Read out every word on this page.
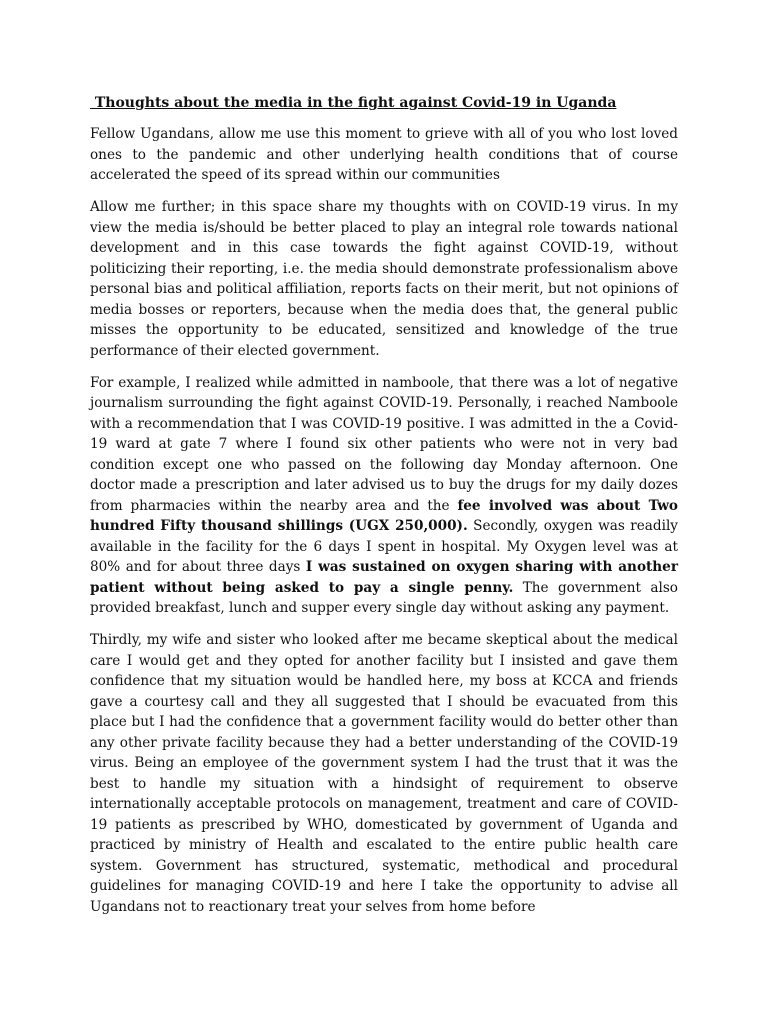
Thoughts about the media in the fight against Covid-19 in Uganda

Fellow Ugandans, allow me use this moment to grieve with all of you who lost loved ones to the pandemic and other underlying health conditions that of course accelerated the speed of its spread within our communities

Allow me further; in this space share my thoughts with on COVID-19 virus. In my view the media is/should be better placed to play an integral role towards national development and in this case towards the fight against COVID-19, without politicizing their reporting, i.e. the media should demonstrate professionalism above personal bias and political affiliation, reports facts on their merit, but not opinions of media bosses or reporters, because when the media does that, the general public misses the opportunity to be educated, sensitized and knowledge of the true performance of their elected government.

For example, I realized while admitted in namboole, that there was a lot of negative journalism surrounding the fight against COVID-19. Personally, i reached Namboole with a recommendation that I was COVID-19 positive. I was admitted in the a Covid-19 ward at gate 7 where I found six other patients who were not in very bad condition except one who passed on the following day Monday afternoon. One doctor made a prescription and later advised us to buy the drugs for my daily dozes from pharmacies within the nearby area and the fee involved was about Two hundred Fifty thousand shillings (UGX 250,000). Secondly, oxygen was readily available in the facility for the 6 days I spent in hospital. My Oxygen level was at 80% and for about three days I was sustained on oxygen sharing with another patient without being asked to pay a single penny. The government also provided breakfast, lunch and supper every single day without asking any payment.

Thirdly, my wife and sister who looked after me became skeptical about the medical care I would get and they opted for another facility but I insisted and gave them confidence that my situation would be handled here, my boss at KCCA and friends gave a courtesy call and they all suggested that I should be evacuated from this place but I had the confidence that a government facility would do better other than any other private facility because they had a better understanding of the COVID-19 virus. Being an employee of the government system I had the trust that it was the best to handle my situation with a hindsight of requirement to observe internationally acceptable protocols on management, treatment and care of COVID-19 patients as prescribed by WHO, domesticated by government of Uganda and practiced by ministry of Health and escalated to the entire public health care system. Government has structured, systematic, methodical and procedural guidelines for managing COVID-19 and here I take the opportunity to advise all Ugandans not to reactionary treat your selves from home before
